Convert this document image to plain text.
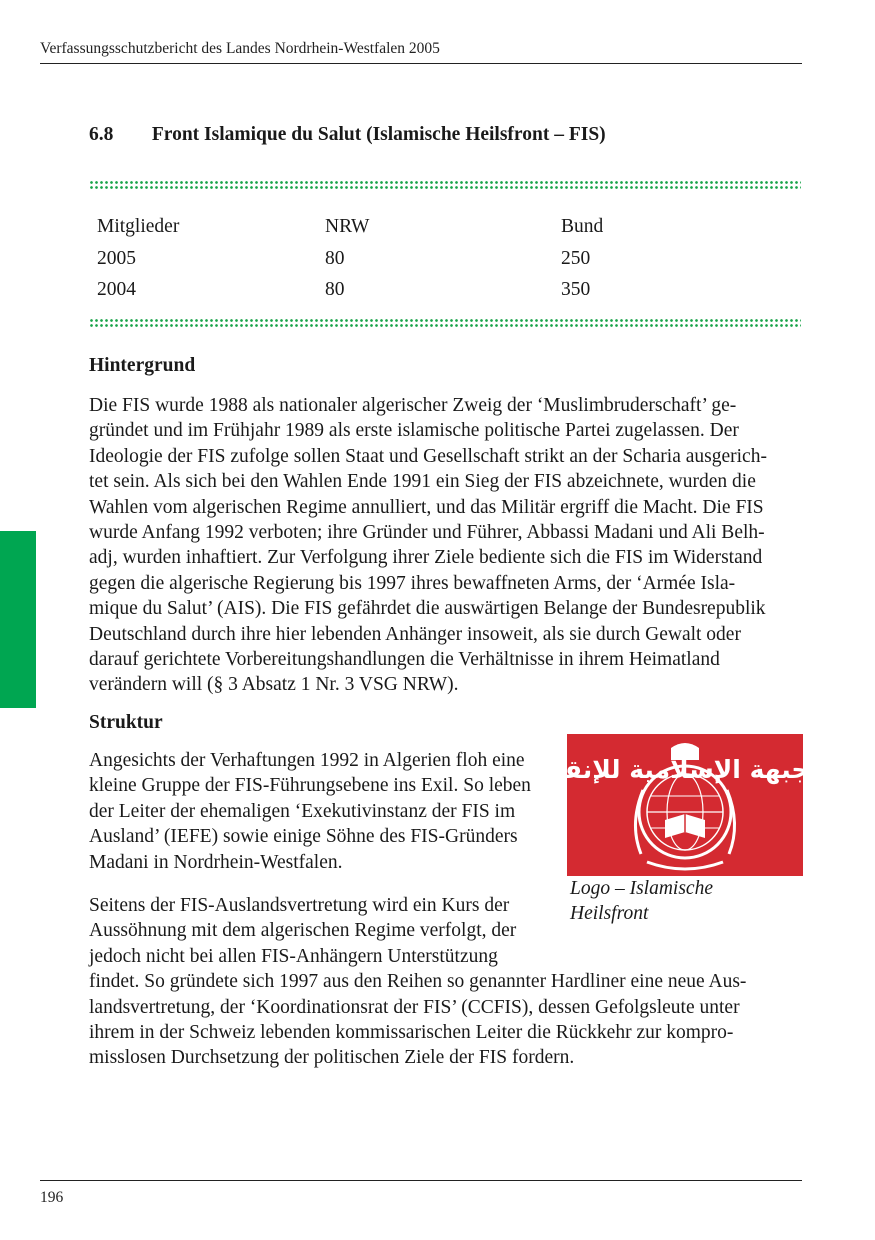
Verfassungsschutzbericht des Landes Nordrhein-Westfalen 2005
6.8 Front Islamique du Salut (Islamische Heilsfront – FIS)
Mitglieder	NRW	Bund
2005	80	250
2004	80	350
Hintergrund

Die FIS wurde 1988 als nationaler algerischer Zweig der ‘Muslimbruderschaft’ ge-
gründet und im Frühjahr 1989 als erste islamische politische Partei zugelassen. Der
Ideologie der FIS zufolge sollen Staat und Gesellschaft strikt an der Scharia ausgerich-
tet sein. Als sich bei den Wahlen Ende 1991 ein Sieg der FIS abzeichnete, wurden die
Wahlen vom algerischen Regime annulliert, und das Militär ergriff die Macht. Die FIS
wurde Anfang 1992 verboten; ihre Gründer und Führer, Abbassi Madani und Ali Belh-
adj, wurden inhaftiert. Zur Verfolgung ihrer Ziele bediente sich die FIS im Widerstand
gegen die algerische Regierung bis 1997 ihres bewaffneten Arms, der ‘Armée Isla-
mique du Salut’ (AIS). Die FIS gefährdet die auswärtigen Belange der Bundesrepublik
Deutschland durch ihre hier lebenden Anhänger insoweit, als sie durch Gewalt oder
darauf gerichtete Vorbereitungshandlungen die Verhältnisse in ihrem Heimatland
verändern will (§ 3 Absatz 1 Nr. 3 VSG NRW).

Struktur

Angesichts der Verhaftungen 1992 in Algerien floh eine
kleine Gruppe der FIS-Führungsebene ins Exil. So leben
der Leiter der ehemaligen ‘Exekutivinstanz der FIS im
Ausland’ (IEFE) sowie einige Söhne des FIS-Gründers
Madani in Nordrhein-Westfalen.

Seitens der FIS-Auslandsvertretung wird ein Kurs der
Aussöhnung mit dem algerischen Regime verfolgt, der
jedoch nicht bei allen FIS-Anhängern Unterstützung
findet. So gründete sich 1997 aus den Reihen so genannter Hardliner eine neue Aus-
landsvertretung, der ‘Koordinationsrat der FIS’ (CCFIS), dessen Gefolgsleute unter
ihrem in der Schweiz lebenden kommissarischen Leiter die Rückkehr zur kompro-
misslosen Durchsetzung der politischen Ziele der FIS fordern.

الجبهة الإسلامية للإنقاذ
Logo – Islamische
Heilsfront
196
